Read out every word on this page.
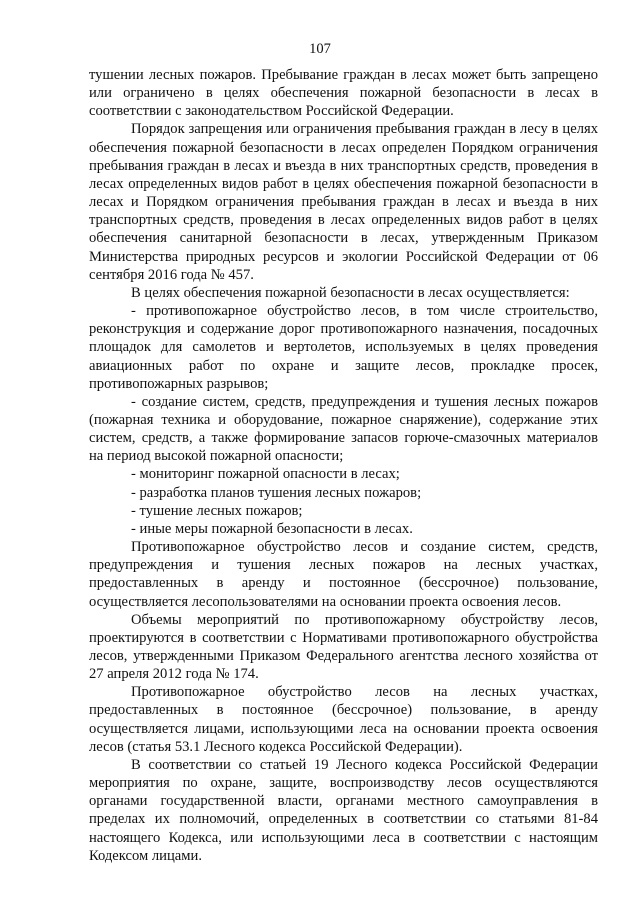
107

тушении лесных пожаров. Пребывание граждан в лесах может быть запрещено или ограничено в целях обеспечения пожарной безопасности в лесах в соответствии с законодательством Российской Федерации.

Порядок запрещения или ограничения пребывания граждан в лесу в целях обеспечения пожарной безопасности в лесах определен Порядком ограничения пребывания граждан в лесах и въезда в них транспортных средств, проведения в лесах определенных видов работ в целях обеспечения пожарной безопасности в лесах и Порядком ограничения пребывания граждан в лесах и въезда в них транспортных средств, проведения в лесах определенных видов работ в целях обеспечения санитарной безопасности в лесах, утвержденным Приказом Министерства природных ресурсов и экологии Российской Федерации от 06 сентября 2016 года № 457.

В целях обеспечения пожарной безопасности в лесах осуществляется:

- противопожарное обустройство лесов, в том числе строительство, реконструкция и содержание дорог противопожарного назначения, посадочных площадок для самолетов и вертолетов, используемых в целях проведения авиационных работ по охране и защите лесов, прокладке просек, противопожарных разрывов;

- создание систем, средств, предупреждения и тушения лесных пожаров (пожарная техника и оборудование, пожарное снаряжение), содержание этих систем, средств, а также формирование запасов горюче-смазочных материалов на период высокой пожарной опасности;

- мониторинг пожарной опасности в лесах;

- разработка планов тушения лесных пожаров;

- тушение лесных пожаров;

- иные меры пожарной безопасности в лесах.

Противопожарное обустройство лесов и создание систем, средств, предупреждения и тушения лесных пожаров на лесных участках, предоставленных в аренду и постоянное (бессрочное) пользование, осуществляется лесопользователями на основании проекта освоения лесов.

Объемы мероприятий по противопожарному обустройству лесов, проектируются в соответствии с Нормативами противопожарного обустройства лесов, утвержденными Приказом Федерального агентства лесного хозяйства от 27 апреля 2012 года № 174.

Противопожарное обустройство лесов на лесных участках, предоставленных в постоянное (бессрочное) пользование, в аренду осуществляется лицами, использующими леса на основании проекта освоения лесов (статья 53.1 Лесного кодекса Российской Федерации).

В соответствии со статьей 19 Лесного кодекса Российской Федерации мероприятия по охране, защите, воспроизводству лесов осуществляются органами государственной власти, органами местного самоуправления в пределах их полномочий, определенных в соответствии со статьями 81-84 настоящего Кодекса, или использующими леса в соответствии с настоящим Кодексом лицами.
